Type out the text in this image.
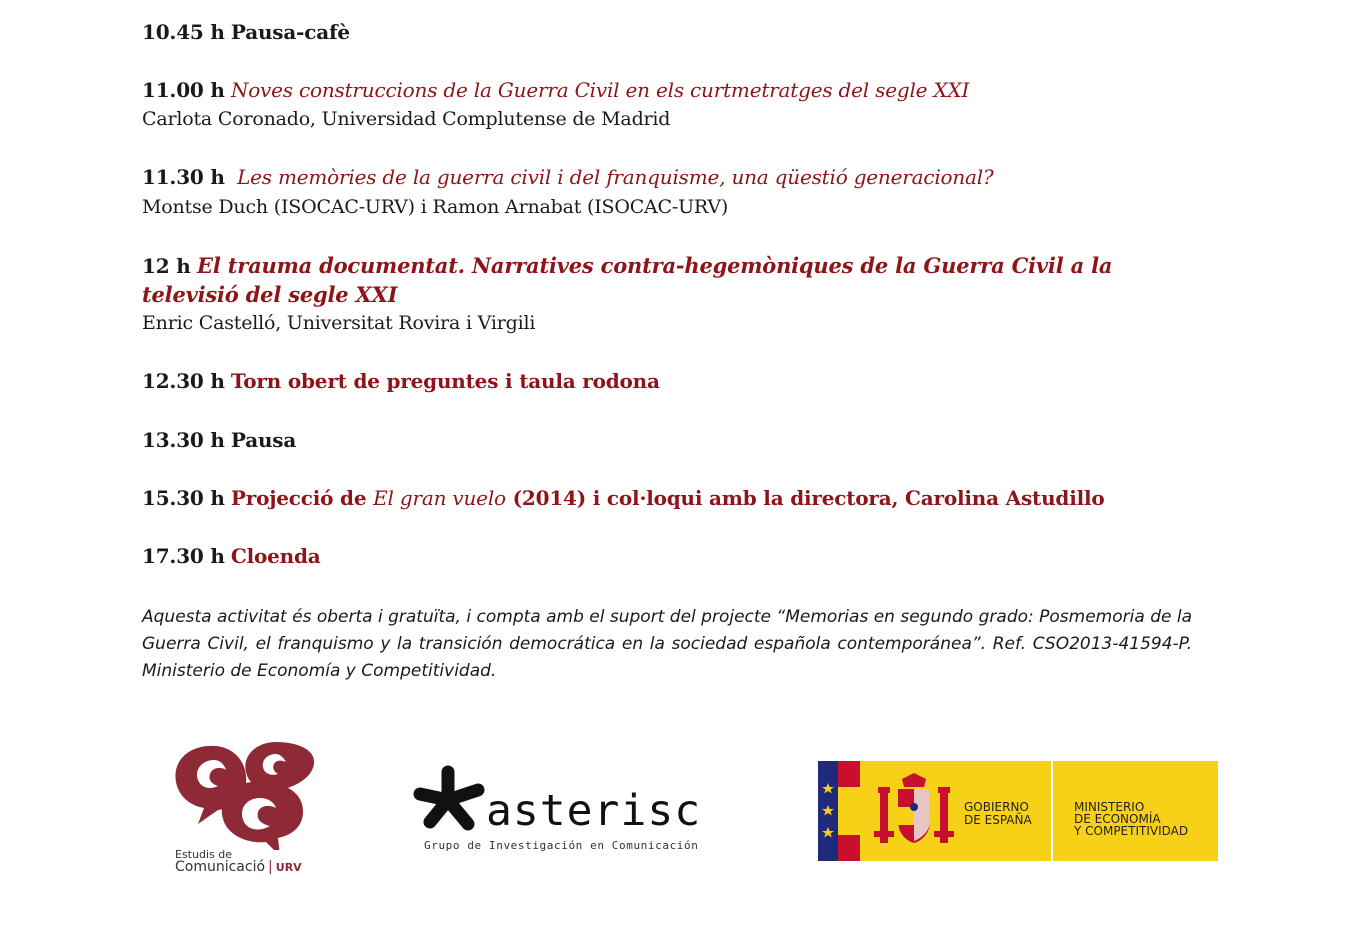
10.45 h Pausa-cafè

11.00 h Noves construccions de la Guerra Civil en els curtmetratges del segle XXI

Carlota Coronado, Universidad Complutense de Madrid

11.30 h Les memòries de la guerra civil i del franquisme, una qüestió generacional?

Montse Duch (ISOCAC-URV) i Ramon Arnabat (ISOCAC-URV)

12 h El trauma documentat. Narratives contra-hegemòniques de la Guerra Civil a la

televisió del segle XXI

Enric Castelló, Universitat Rovira i Virgili

12.30 h Torn obert de preguntes i taula rodona

13.30 h Pausa

15.30 h Projecció de El gran vuelo (2014) i col·loqui amb la directora, Carolina Astudillo

17.30 h Cloenda

Aquesta activitat és oberta i gratuïta, i compta amb el suport del projecte “Memorias en segundo grado: Posmemoria de la Guerra Civil, el franquismo y la transición democrática en la sociedad española contemporánea”. Ref. CSO2013-41594-P. Ministerio de Economía y Competitividad.

Estudis de
Comunicació | URV
asterisc
Grupo de Investigación en Comunicación
GOBIERNO
DE ESPAÑA
MINISTERIO
DE ECONOMÍA
Y COMPETITIVIDAD
